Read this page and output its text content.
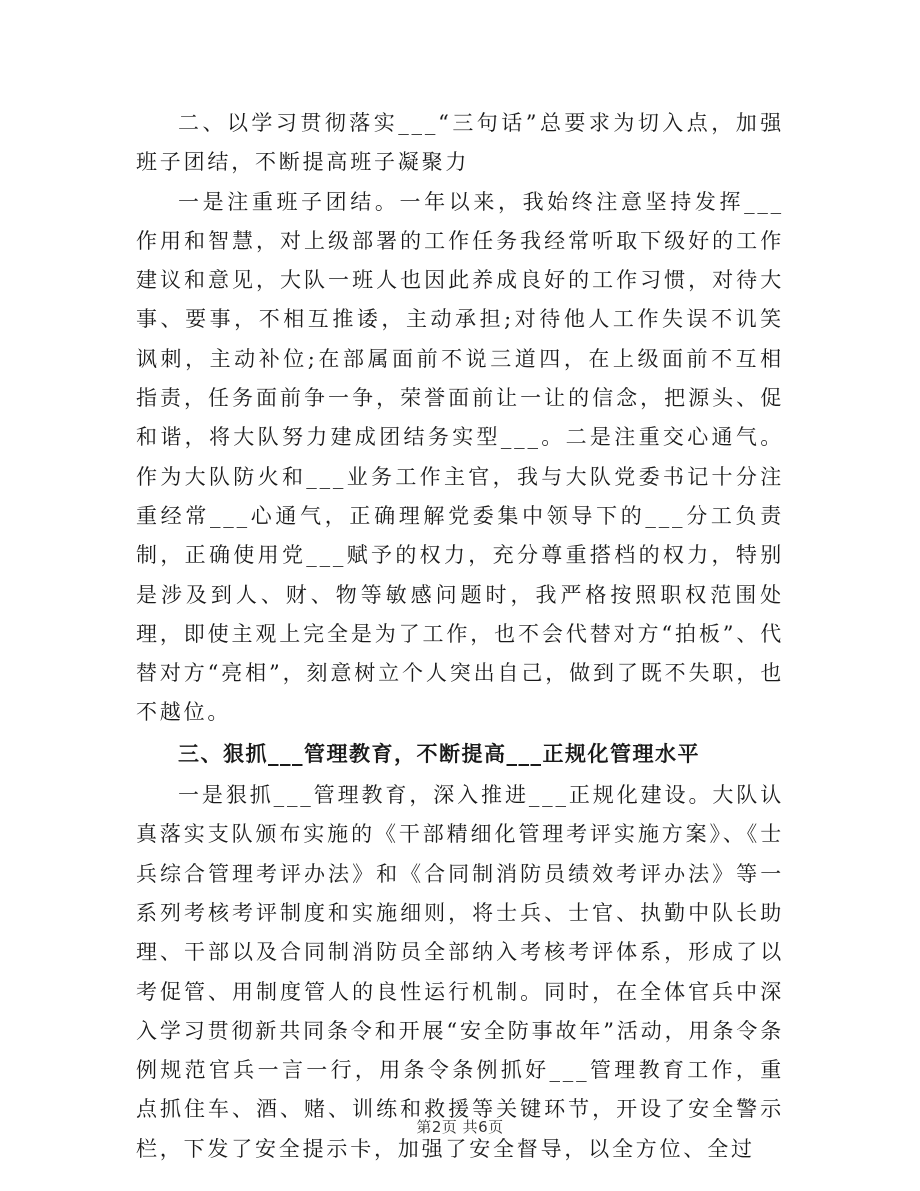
二、以学习贯彻落实___“三句话”总要求为切入点，加强班子团结，不断提高班子凝聚力

一是注重班子团结。一年以来，我始终注意坚持发挥___作用和智慧，对上级部署的工作任务我经常听取下级好的工作建议和意见，大队一班人也因此养成良好的工作习惯，对待大事、要事，不相互推诿，主动承担;对待他人工作失误不讥笑讽刺，主动补位;在部属面前不说三道四，在上级面前不互相指责，任务面前争一争，荣誉面前让一让的信念，把源头、促和谐，将大队努力建成团结务实型___。二是注重交心通气。作为大队防火和___业务工作主官，我与大队党委书记十分注重经常___心通气，正确理解党委集中领导下的___分工负责制，正确使用党___赋予的权力，充分尊重搭档的权力，特别是涉及到人、财、物等敏感问题时，我严格按照职权范围处理，即使主观上完全是为了工作，也不会代替对方“拍板”、代替对方“亮相”，刻意树立个人突出自己，做到了既不失职，也不越位。

三、狠抓___管理教育，不断提高___正规化管理水平

一是狠抓___管理教育，深入推进___正规化建设。大队认真落实支队颁布实施的《干部精细化管理考评实施方案》、《士兵综合管理考评办法》和《合同制消防员绩效考评办法》等一系列考核考评制度和实施细则，将士兵、士官、执勤中队长助理、干部以及合同制消防员全部纳入考核考评体系，形成了以考促管、用制度管人的良性运行机制。同时，在全体官兵中深入学习贯彻新共同条令和开展“安全防事故年”活动，用条令条例规范官兵一言一行，用条令条例抓好___管理教育工作，重点抓住车、酒、赌、训练和救援等关键环节，开设了安全警示栏，下发了安全提示卡，加强了安全督导，以全方位、全过

第2页 共6页
